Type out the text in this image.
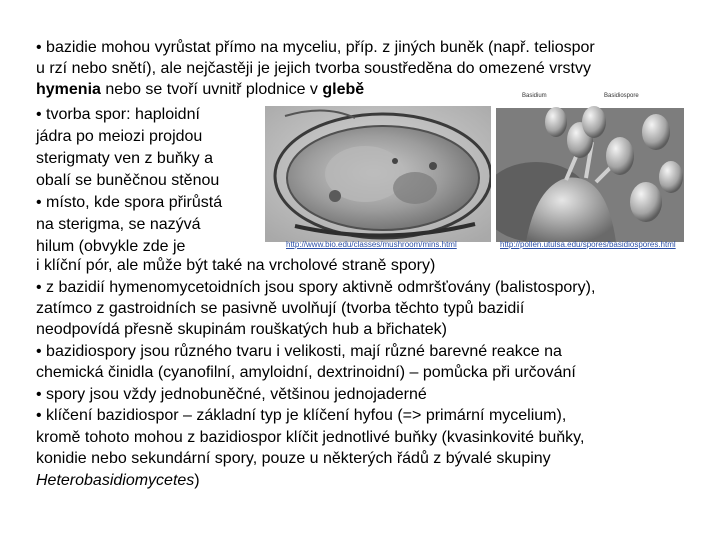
• bazidie mohou vyrůstat přímo na myceliu, příp. z jiných buněk (např. teliospor
u rzí nebo snětí), ale nejčastěji je jejich tvorba soustředěna do omezené vrstvy
hymenia nebo se tvoří uvnitř plodnice v glebě
• tvorba spor: haploidní
jádra po meiozi projdou
sterigmaty ven z buňky a
obalí se buněčnou stěnou
• místo, kde spora přirůstá
na sterigma, se nazývá
hilum (obvykle zde je	http://www.bio.edu/classes/mushroom/mins.html
Basidium	Basidiospore
http://pollen.utulsa.edu/spores/basidiospores.html
i klíční pór, ale může být také na vrcholové straně spory)
• z bazidií hymenomycetoidních jsou spory aktivně odmršťovány (balistospory),
zatímco z gastroidních se pasivně uvolňují (tvorba těchto typů bazidií
neodpovídá přesně skupinám rouškatých hub a břichatek)
• bazidiospory jsou různého tvaru i velikosti, mají různé barevné reakce na
chemická činidla (cyanofilní, amyloidní, dextrinoidní) – pomůcka při určování
• spory jsou vždy jednobuněčné, většinou jednojaderné
• klíčení bazidiospor – základní typ je klíčení hyfou (=> primární mycelium),
kromě tohoto mohou z bazidiospor klíčit jednotlivé buňky (kvasinkovité buňky,
konidie nebo sekundární spory, pouze u některých řádů z bývalé skupiny
Heterobasidiomycetes)
